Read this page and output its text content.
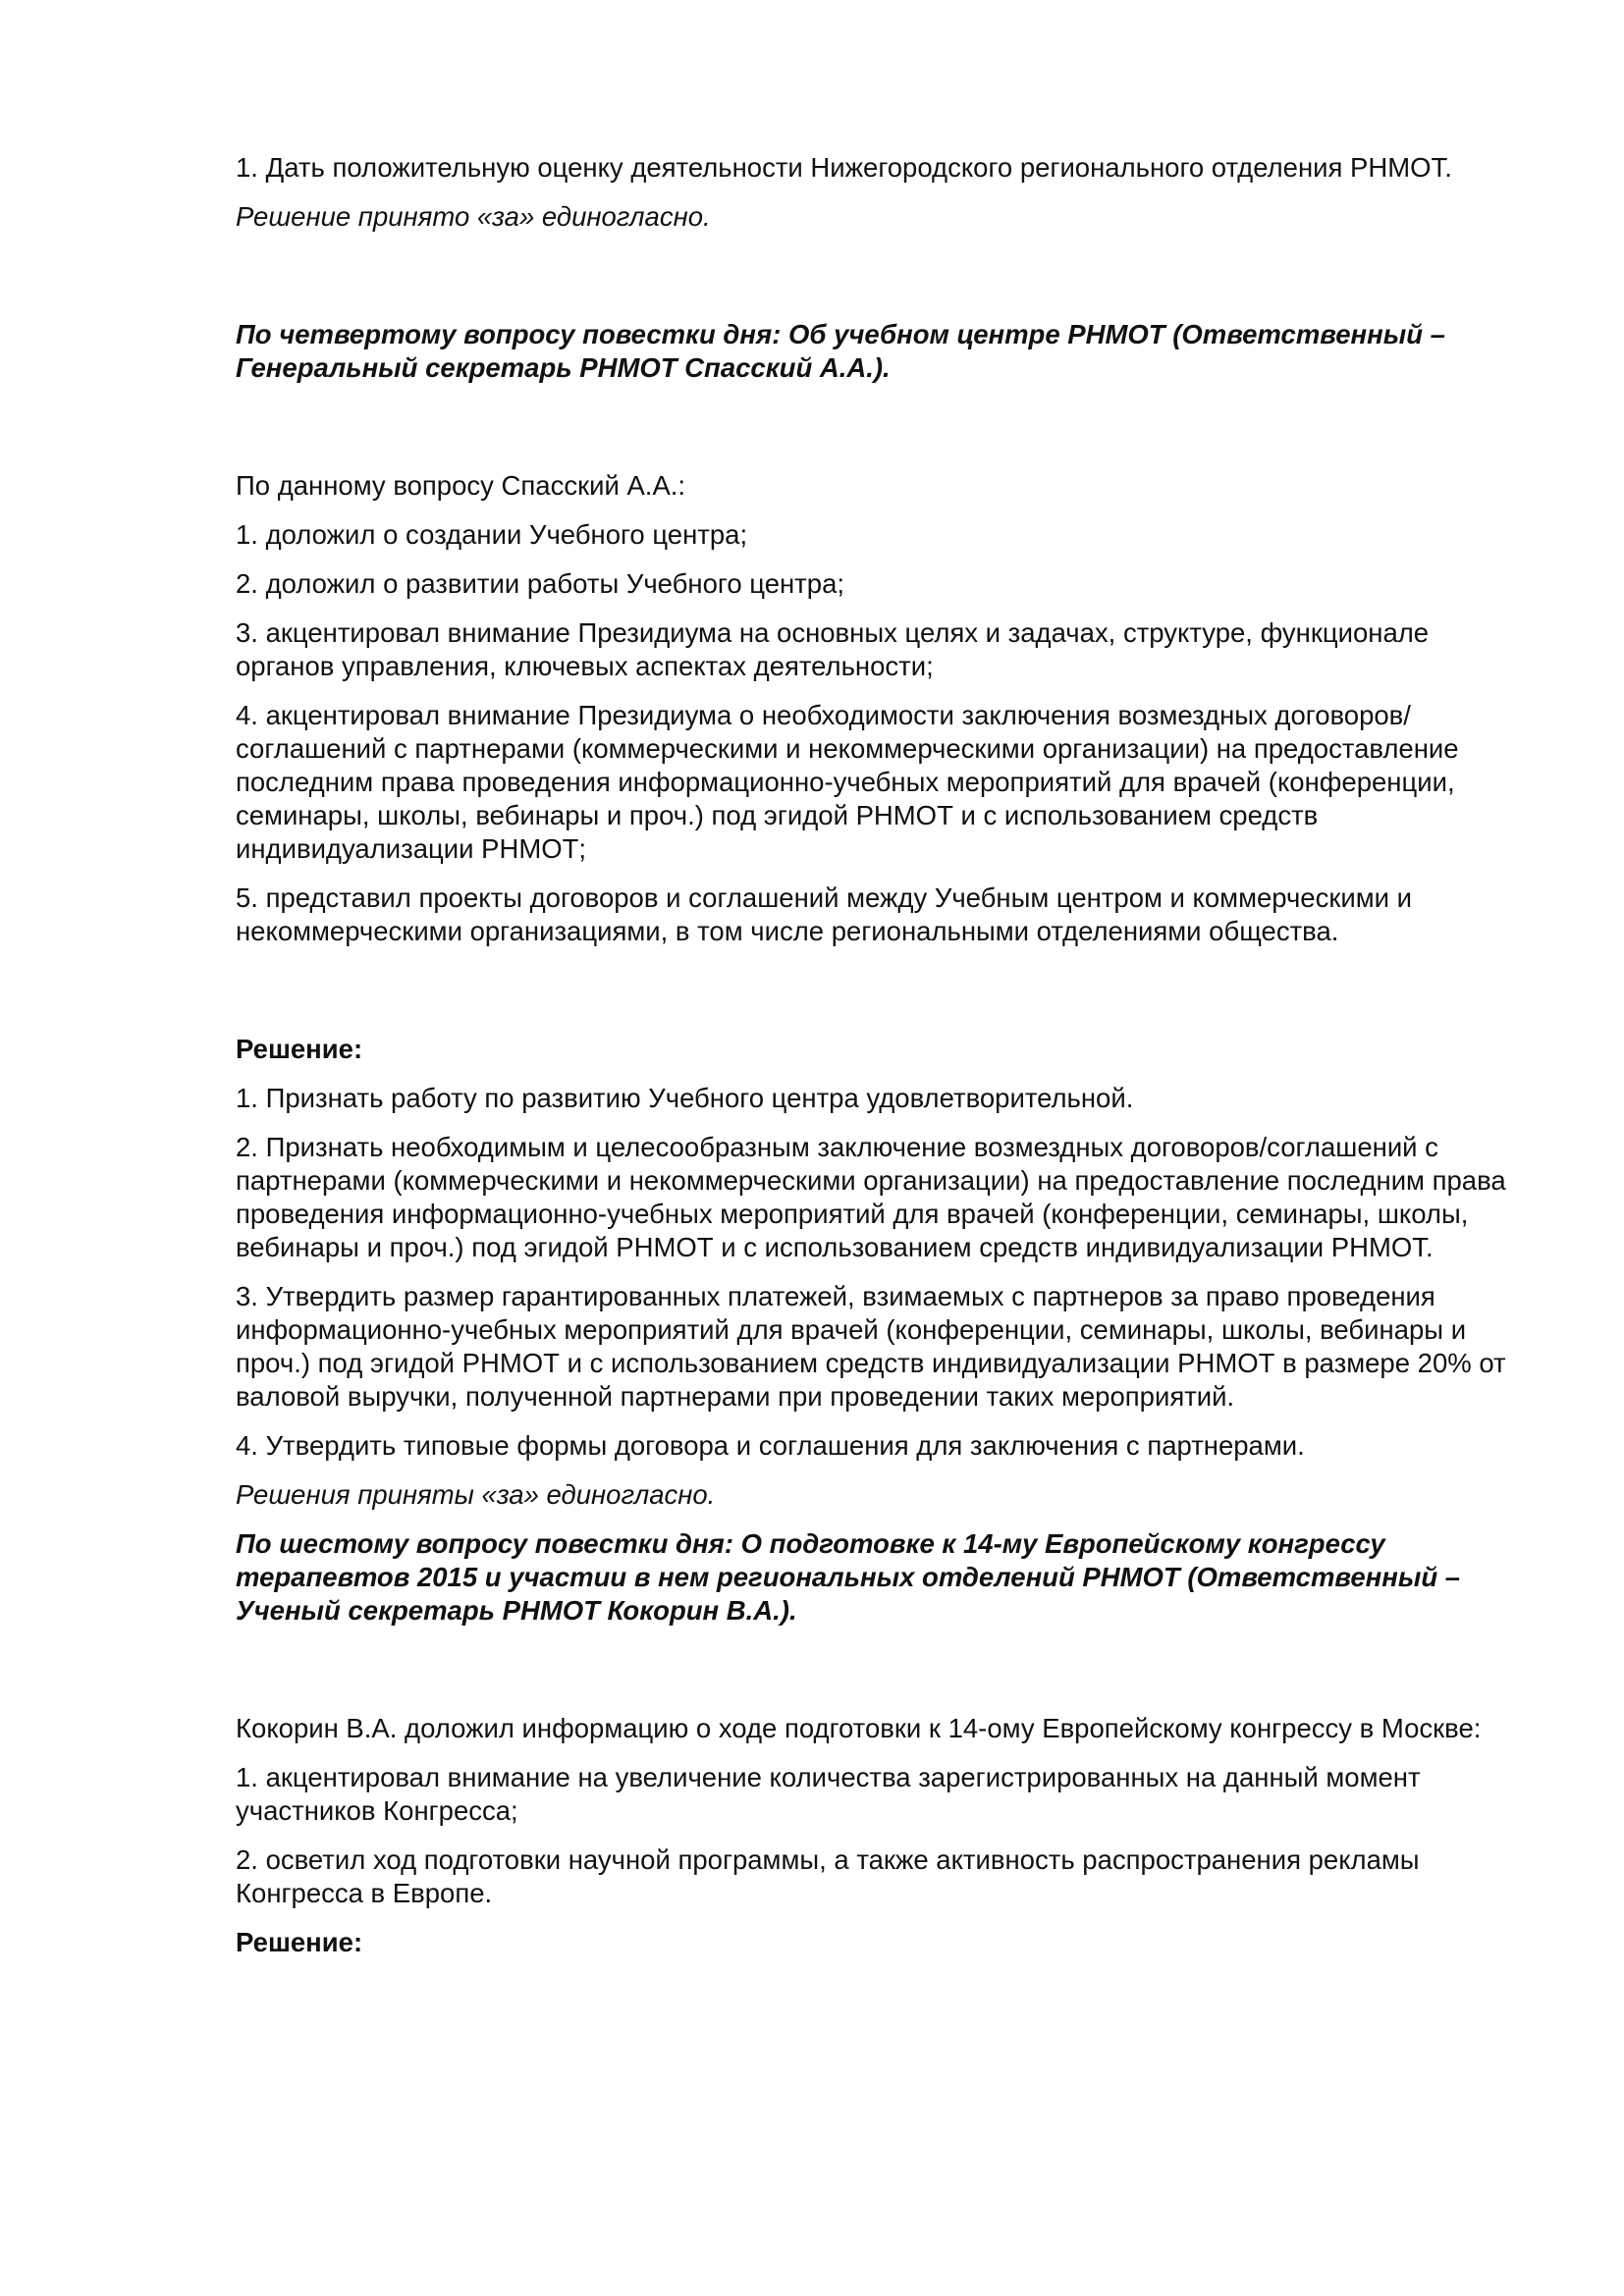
1. Дать положительную оценку деятельности Нижегородского регионального отделения РНМОТ.

Решение принято «за» единогласно.

По четвертому вопросу повестки дня: Об учебном центре РНМОТ (Ответственный – Генеральный секретарь РНМОТ Спасский А.А.).

По данному вопросу Спасский А.А.:

1. доложил о создании Учебного центра;

2. доложил о развитии работы Учебного центра;

3. акцентировал внимание Президиума на основных целях и задачах, структуре, функционале органов управления, ключевых аспектах деятельности;

4. акцентировал внимание Президиума о необходимости заключения возмездных договоров/соглашений с партнерами (коммерческими и некоммерческими организации) на предоставление последним права проведения информационно-учебных мероприятий для врачей (конференции, семинары, школы, вебинары и проч.) под эгидой РНМОТ и с использованием средств индивидуализации РНМОТ;

5. представил проекты договоров и соглашений между Учебным центром и коммерческими и некоммерческими организациями, в том числе региональными отделениями общества.

Решение:

1. Признать работу по развитию Учебного центра удовлетворительной.

2. Признать необходимым и целесообразным заключение возмездных договоров/соглашений с партнерами (коммерческими и некоммерческими организации) на предоставление последним права проведения информационно-учебных мероприятий для врачей (конференции, семинары, школы, вебинары и проч.) под эгидой РНМОТ и с использованием средств индивидуализации РНМОТ.

3. Утвердить размер гарантированных платежей, взимаемых с партнеров за право проведения информационно-учебных мероприятий для врачей (конференции, семинары, школы, вебинары и проч.) под эгидой РНМОТ и с использованием средств индивидуализации РНМОТ в размере 20% от валовой выручки, полученной партнерами при проведении таких мероприятий.

4. Утвердить типовые формы договора и соглашения для заключения с партнерами.

Решения приняты «за» единогласно.

По шестому вопросу повестки дня: О подготовке к 14-му Европейскому конгрессу терапевтов 2015 и участии в нем региональных отделений РНМОТ (Ответственный – Ученый секретарь РНМОТ Кокорин В.А.).

Кокорин В.А. доложил информацию о ходе подготовки к 14-ому Европейскому конгрессу в Москве:

1. акцентировал внимание на увеличение количества зарегистрированных на данный момент участников Конгресса;

2. осветил ход подготовки научной программы, а также активность распространения рекламы Конгресса в Европе.

Решение:
